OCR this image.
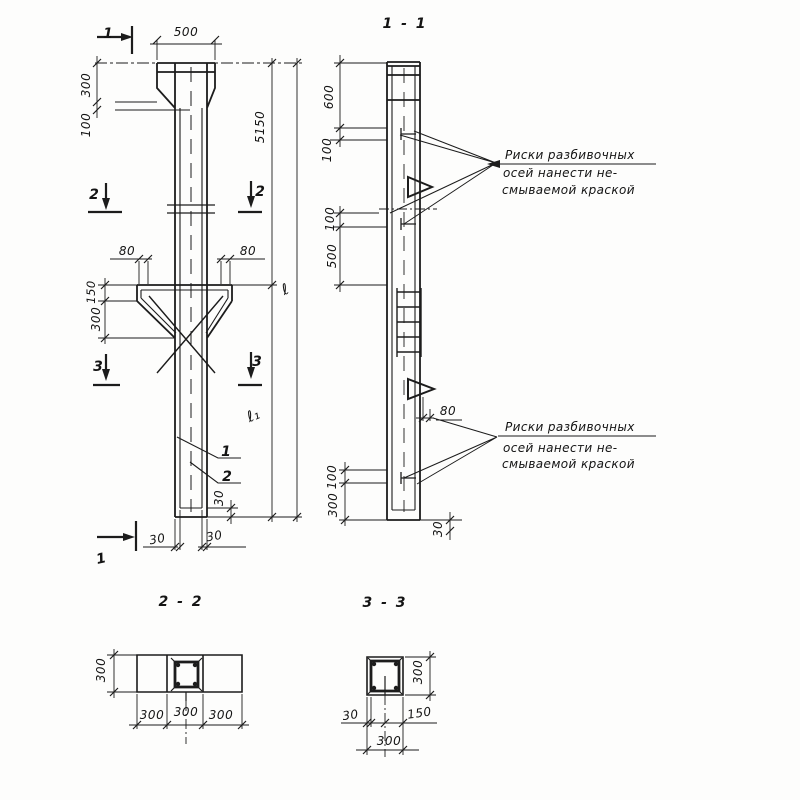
500
300
100	5150
ℓ
ℓ₁
80	80
150
300
30	30
30
1
2
1
1
2	2
3	3
1 - 1
Риски разбивочных
осей нанести не-
смываемой краской
Риски разбивочных
осей нанести не-
смываемой краской
600
100
100
500
80
100
300
30
2 - 2
300
300 300 300
3 - 3
300
30	150
300
